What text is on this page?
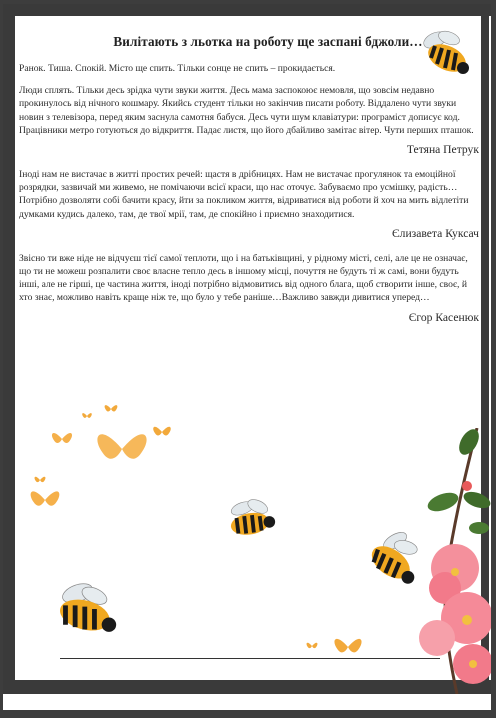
Вилітають з льотка на роботу ще заспані бджоли…

Ранок. Тиша. Спокій. Місто ще спить. Тільки сонце не спить – прокидається.

Люди сплять. Тільки десь зрідка чути звуки життя. Десь мама заспокоює немовля, що зовсім недавно прокинулось від нічного кошмару. Якийсь студент тільки но закінчив писати роботу. Віддалено чути звуки новин з телевізора, перед яким заснула самотня бабуся. Десь чути шум клавіатури: програміст дописує код. Працівники метро готуються до відкриття. Падає листя, що його дбайливо замітає вітер. Чути перших пташок.

Тетяна Петрук

Іноді нам не вистачає в житті простих речей: щастя в дрібницях. Нам не вистачає прогулянок та емоційної розрядки, зазвичай ми живемо, не помічаючи всієї краси, що нас оточує. Забуваємо про усмішку, радість… Потрібно дозволяти собі бачити красу, йти за покликом життя, відриватися від роботи й хоч на мить відлетіти думками кудись далеко, там, де твої мрії, там, де спокійно і приємно знаходитися.

Єлизавета Куксач

Звісно ти вже ніде не відчуєш тієї самої теплоти, що і на батьківщині, у рідному місті, селі, але це не означає, що ти не можеш розпалити своє власне тепло десь в іншому місці, почуття не будуть ті ж самі, вони будуть інші, але не гірші, це частина життя, іноді потрібно відмовитись від одного блага, щоб створити інше, своє, й хто знає, можливо навіть краще ніж те, що було у тебе раніше…Важливо завжди дивитися уперед…

Єгор Касенюк
